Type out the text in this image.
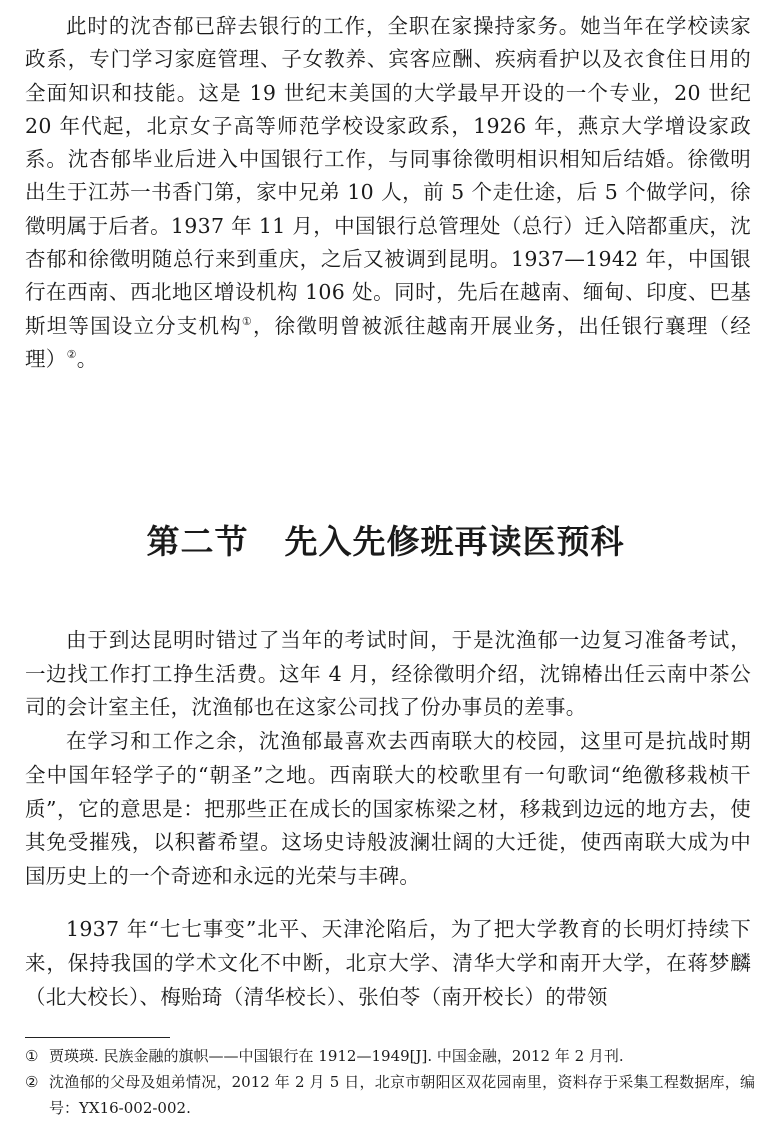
此时的沈杏郁已辞去银行的工作，全职在家操持家务。她当年在学校读家政系，专门学习家庭管理、子女教养、宾客应酬、疾病看护以及衣食住日用的全面知识和技能。这是 19 世纪末美国的大学最早开设的一个专业，20 世纪 20 年代起，北京女子高等师范学校设家政系，1926 年，燕京大学增设家政系。沈杏郁毕业后进入中国银行工作，与同事徐徵明相识相知后结婚。徐徵明出生于江苏一书香门第，家中兄弟 10 人，前 5 个走仕途，后 5 个做学问，徐徵明属于后者。1937 年 11 月，中国银行总管理处（总行）迁入陪都重庆，沈杏郁和徐徵明随总行来到重庆，之后又被调到昆明。1937—1942 年，中国银行在西南、西北地区增设机构 106 处。同时，先后在越南、缅甸、印度、巴基斯坦等国设立分支机构①，徐徵明曾被派往越南开展业务，出任银行襄理（经理）②。

第二节 先入先修班再读医预科

由于到达昆明时错过了当年的考试时间，于是沈渔郁一边复习准备考试，一边找工作打工挣生活费。这年 4 月，经徐徵明介绍，沈锦椿出任云南中茶公司的会计室主任，沈渔郁也在这家公司找了份办事员的差事。

在学习和工作之余，沈渔郁最喜欢去西南联大的校园，这里可是抗战时期全中国年轻学子的“朝圣”之地。西南联大的校歌里有一句歌词“绝徼移栽桢干质”，它的意思是：把那些正在成长的国家栋梁之材，移栽到边远的地方去，使其免受摧残，以积蓄希望。这场史诗般波澜壮阔的大迁徙，使西南联大成为中国历史上的一个奇迹和永远的光荣与丰碑。

1937 年“七七事变”北平、天津沦陷后，为了把大学教育的长明灯持续下来，保持我国的学术文化不中断，北京大学、清华大学和南开大学，在蒋梦麟（北大校长）、梅贻琦（清华校长）、张伯苓（南开校长）的带领

① 贾瑛瑛. 民族金融的旗帜——中国银行在 1912—1949[J]. 中国金融，2012 年 2 月刊.
② 沈渔郁的父母及姐弟情况，2012 年 2 月 5 日，北京市朝阳区双花园南里，资料存于采集工程数据库，编号：YX16-002-002.
